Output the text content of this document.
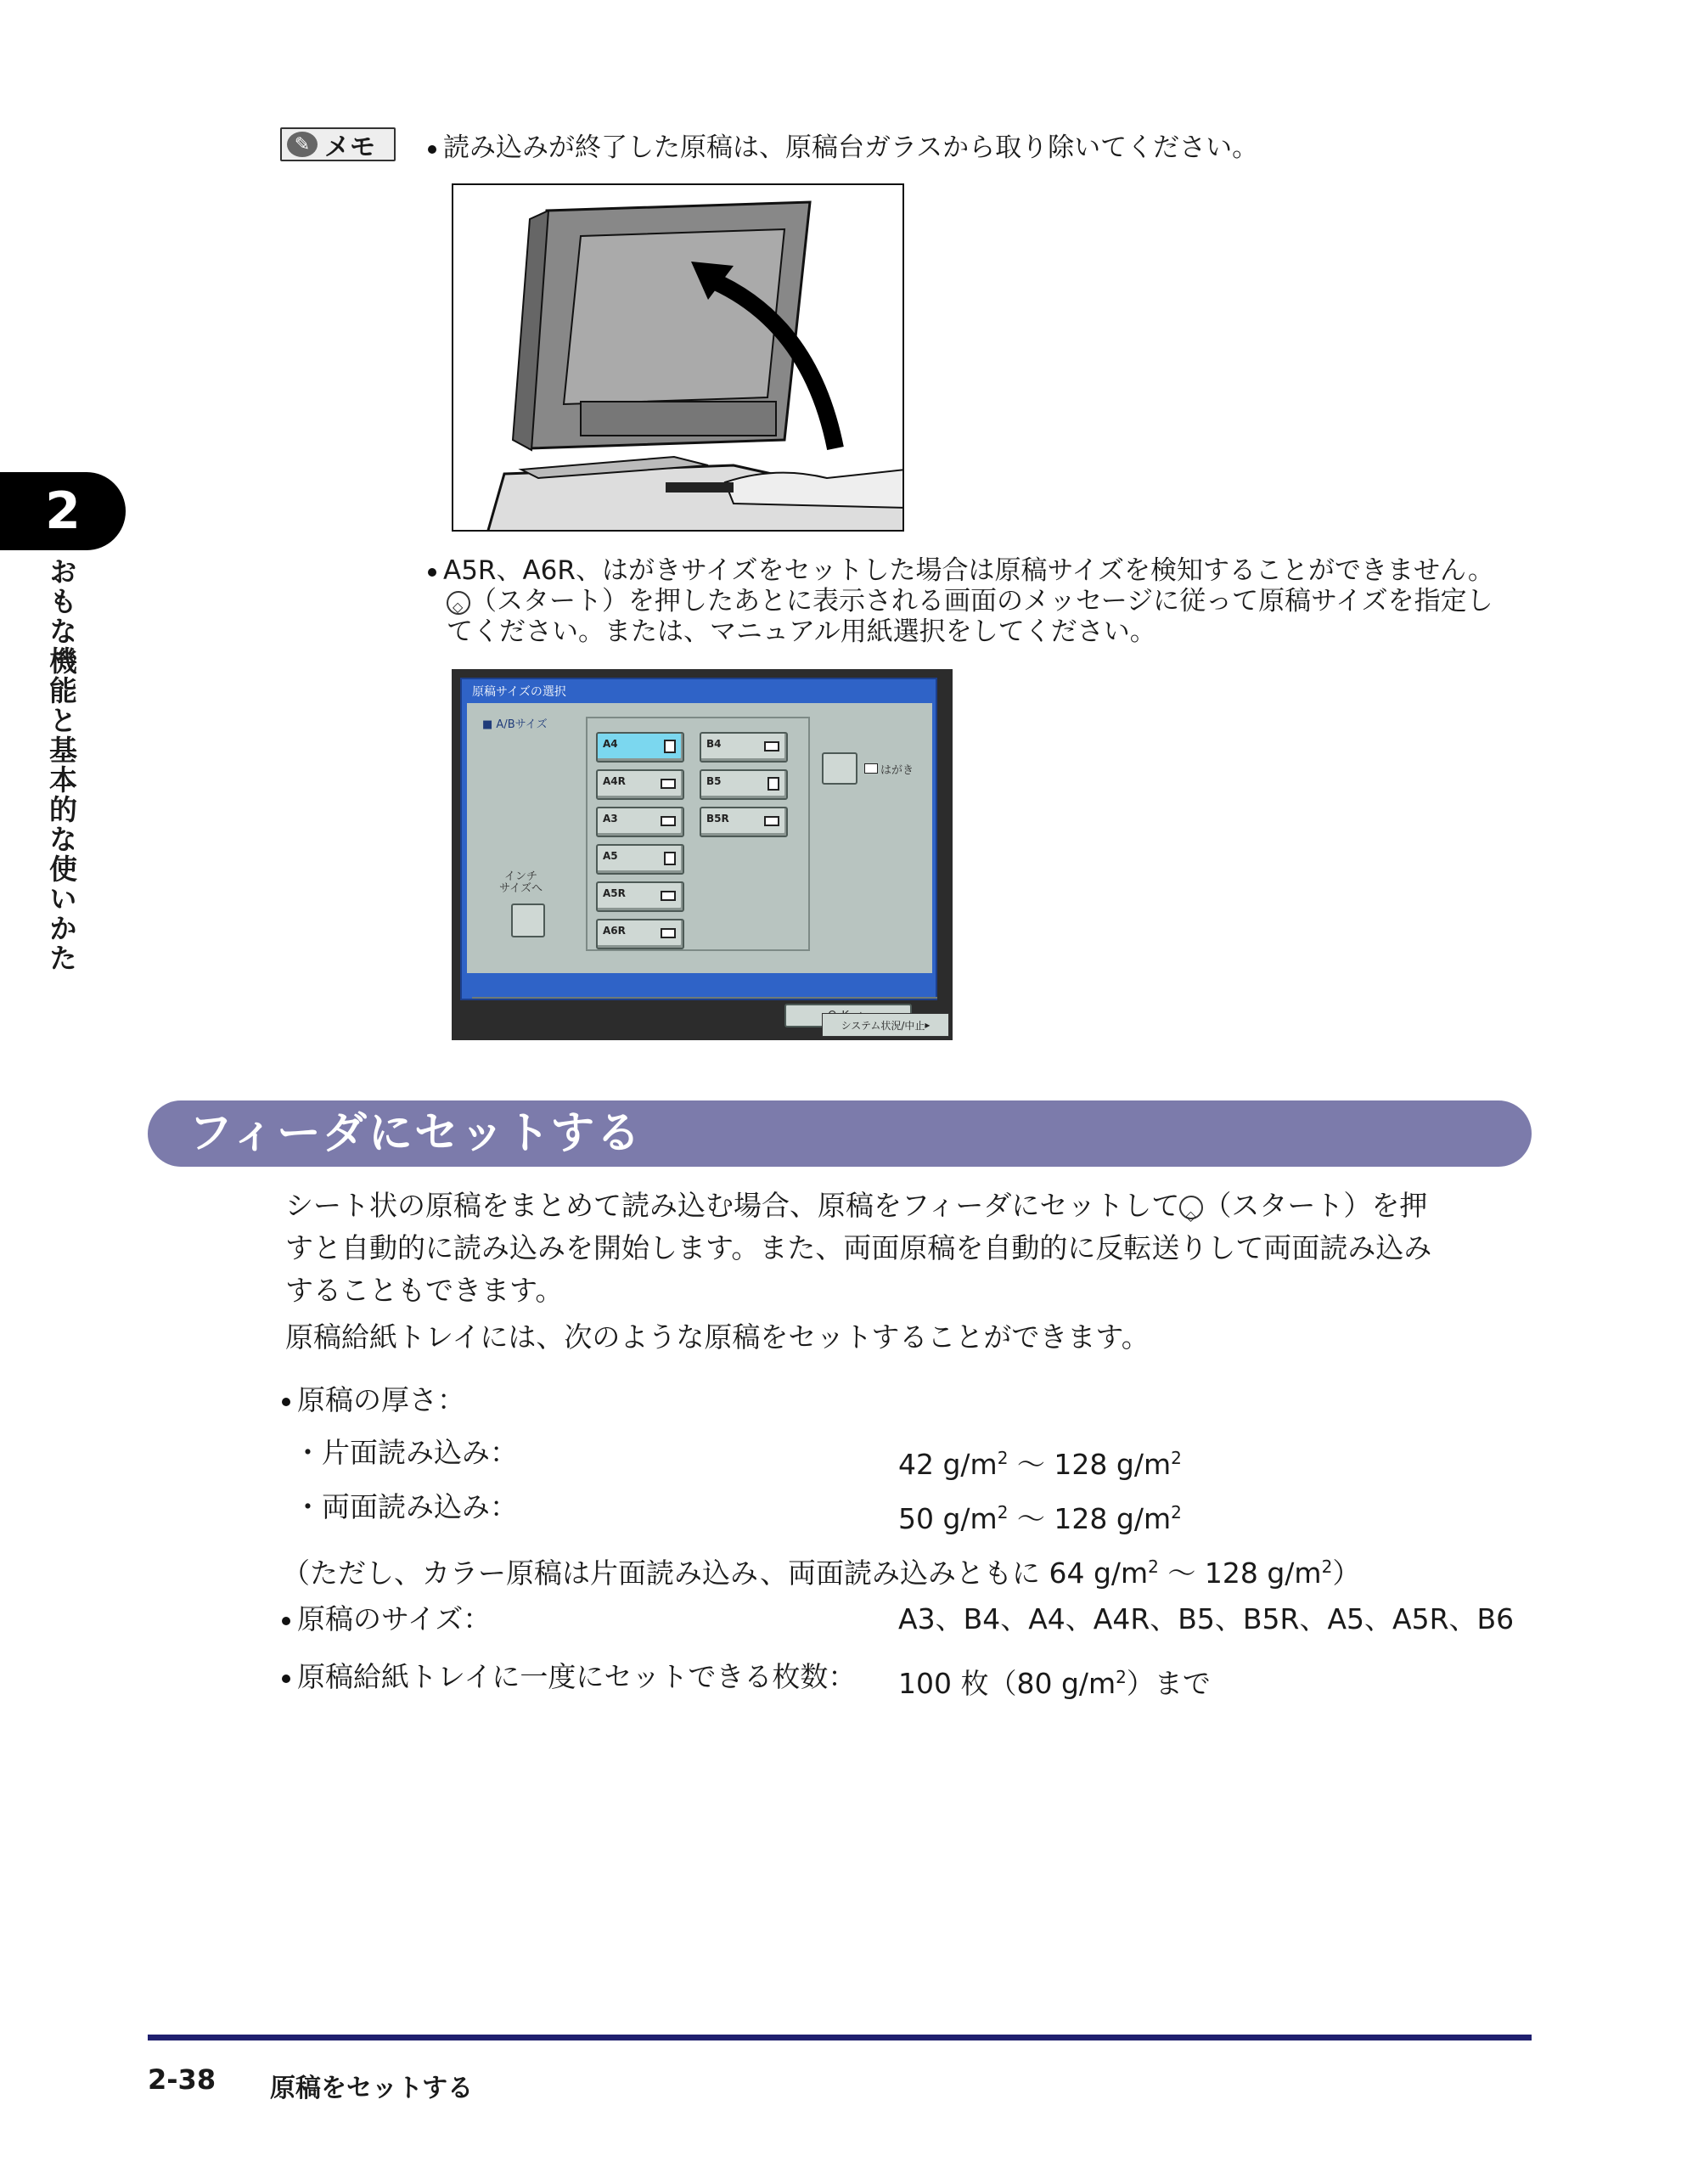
2
おもな機能と基本的な使いかた
✎ メモ	読み込みが終了した原稿は、原稿台ガラスから取り除いてください。
A5R、A6R、はがきサイズをセットした場合は原稿サイズを検知することができません。
◇（スタート）を押したあとに表示される画面のメッセージに従って原稿サイズを指定し
てください。または、マニュアル用紙選択をしてください。
原稿サイズの選択
■ A/Bサイズ
A4
A4R
A3
A5
A5R
A6R
B4
B5
B5R
はがき
インチ
サイズへ
システム状況/中止 ▸
フィーダにセットする
シート状の原稿をまとめて読み込む場合、原稿をフィーダにセットして◇ （スタート）を押
すと自動的に読み込みを開始します。また、両面原稿を自動的に反転送りして両面読み込み
することもできます。
原稿給紙トレイには、次のような原稿をセットすることができます。
原稿の厚さ：
・片面読み込み：	42 $g/m^2$ ～ 128 $g/m^2$
・両面読み込み：	50 $g/m^2$ ～ 128 $g/m^2$
（ただし、カラー原稿は片面読み込み、両面読み込みともに 64 $g/m^2$ ～ 128 $g/m^2$）
原稿のサイズ：	A3、B4、A4、A4R、B5、B5R、A5、A5R、B6
原稿給紙トレイに一度にセットできる枚数： 100 枚（80 $g/m^2$）まで
2-38 原稿をセットする
